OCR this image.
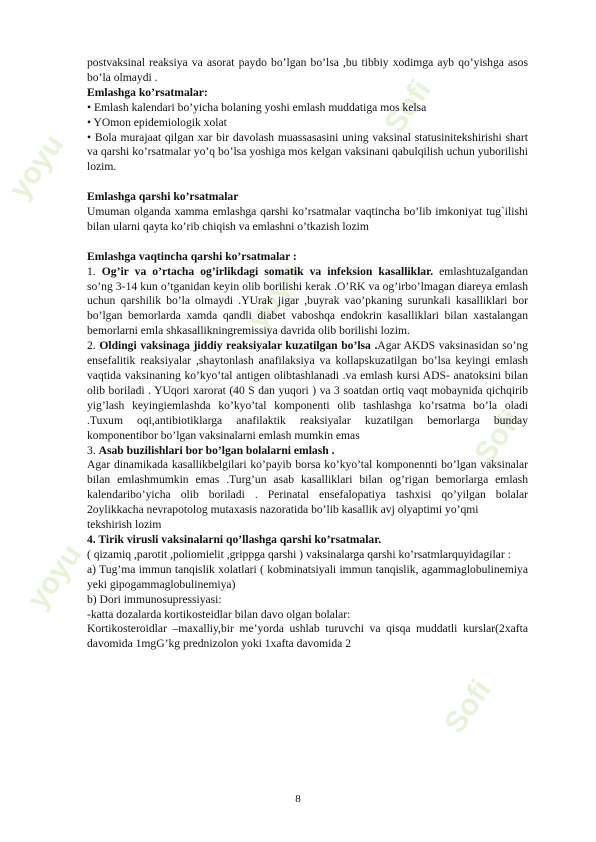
yoyu
Sofi
yoyu
Sofi
yoyu
Sofi

postvaksinal reaksiya va asorat paydo bo’lgan bo’lsa ,bu tibbiy xodimga ayb qo’yishga asos bo’la olmaydi .

Emlashga ko’rsatmalar:

• Emlash kalendari bo’yicha bolaning yoshi emlash muddatiga mos kelsa

• YOmon epidemiologik xolat

• Bola murajaat qilgan xar bir davolash muassasasini uning vaksinal statusinitekshirishi shart va qarshi ko’rsatmalar yo’q bo’lsa yoshiga mos kelgan vaksinani qabulqilish uchun yuborilishi lozim.

Emlashga qarshi ko’rsatmalar

Umuman olganda xamma emlashga qarshi ko’rsatmalar vaqtincha bo’lib imkoniyat tug`ilishi bilan ularni qayta ko’rib chiqish va emlashni o’tkazish lozim

Emlashga vaqtincha qarshi ko’rsatmalar :

1. Og’ir va o’rtacha og’irlikdagi somatik va infeksion kasalliklar. emlashtuzalgandan so’ng 3-14 kun o’tganidan keyin olib borilishi kerak .O’RK va og’irbo’lmagan diareya emlash uchun qarshilik bo’la olmaydi .YUrak jigar ,buyrak vao’pkaning surunkali kasalliklari bor bo’lgan bemorlarda xamda qandli diabet vaboshqa endokrin kasalliklari bilan xastalangan bemorlarni emla shkasallikningremissiya davrida olib borilishi lozim.

2. Oldingi vaksinaga jiddiy reaksiyalar kuzatilgan bo’lsa .Agar AKDS vaksinasidan so’ng ensefalitik reaksiyalar ,shaytonlash anafilaksiya va kollapskuzatilgan bo’lsa keyingi emlash vaqtida vaksinaning ko’kyo’tal antigen olibtashlanadi .va emlash kursi ADS- anatoksini bilan olib boriladi . YUqori xarorat (40 S dan yuqori ) va 3 soatdan ortiq vaqt mobaynida qichqirib yig’lash keyingiemlashda ko’kyo’tal komponenti olib tashlashga ko’rsatma bo’la oladi .Tuxum oqi,antibiotiklarga anafilaktik reaksiyalar kuzatilgan bemorlarga bunday komponentibor bo’lgan vaksinalarni emlash mumkin emas

3. Asab buzilishlari bor bo’lgan bolalarni emlash .

Agar dinamikada kasallikbelgilari ko’payib borsa ko’kyo’tal komponennti bo’lgan vaksinalar bilan emlashmumkin emas .Turg’un asab kasalliklari bilan og’rigan bemorlarga emlash kalendaribo’yicha olib boriladi . Perinatal ensefalopatiya tashxisi qo’yilgan bolalar 2oylikkacha nevrapotolog mutaxasis nazoratida bo’lib kasallik avj olyaptimi yo’qmi

tekshirish lozim

4. Tirik virusli vaksinalarni qo’llashga qarshi ko’rsatmalar.

( qizamiq ,parotit ,poliomielit ,grippga qarshi ) vaksinalarga qarshi ko’rsatmlarquyidagilar :

a) Tug’ma immun tanqislik xolatlari ( kobminatsiyali immun tanqislik, agammaglobulinemiya yeki gipogammaglobulinemiya)

b) Dori immunosupressiyasi:

-katta dozalarda kortikosteidlar bilan davo olgan bolalar:

Kortikosteroidlar –maxalliy,bir me’yorda ushlab turuvchi va qisqa muddatli kurslar(2xafta davomida 1mgG’kg prednizolon yoki 1xafta davomida 2

8
